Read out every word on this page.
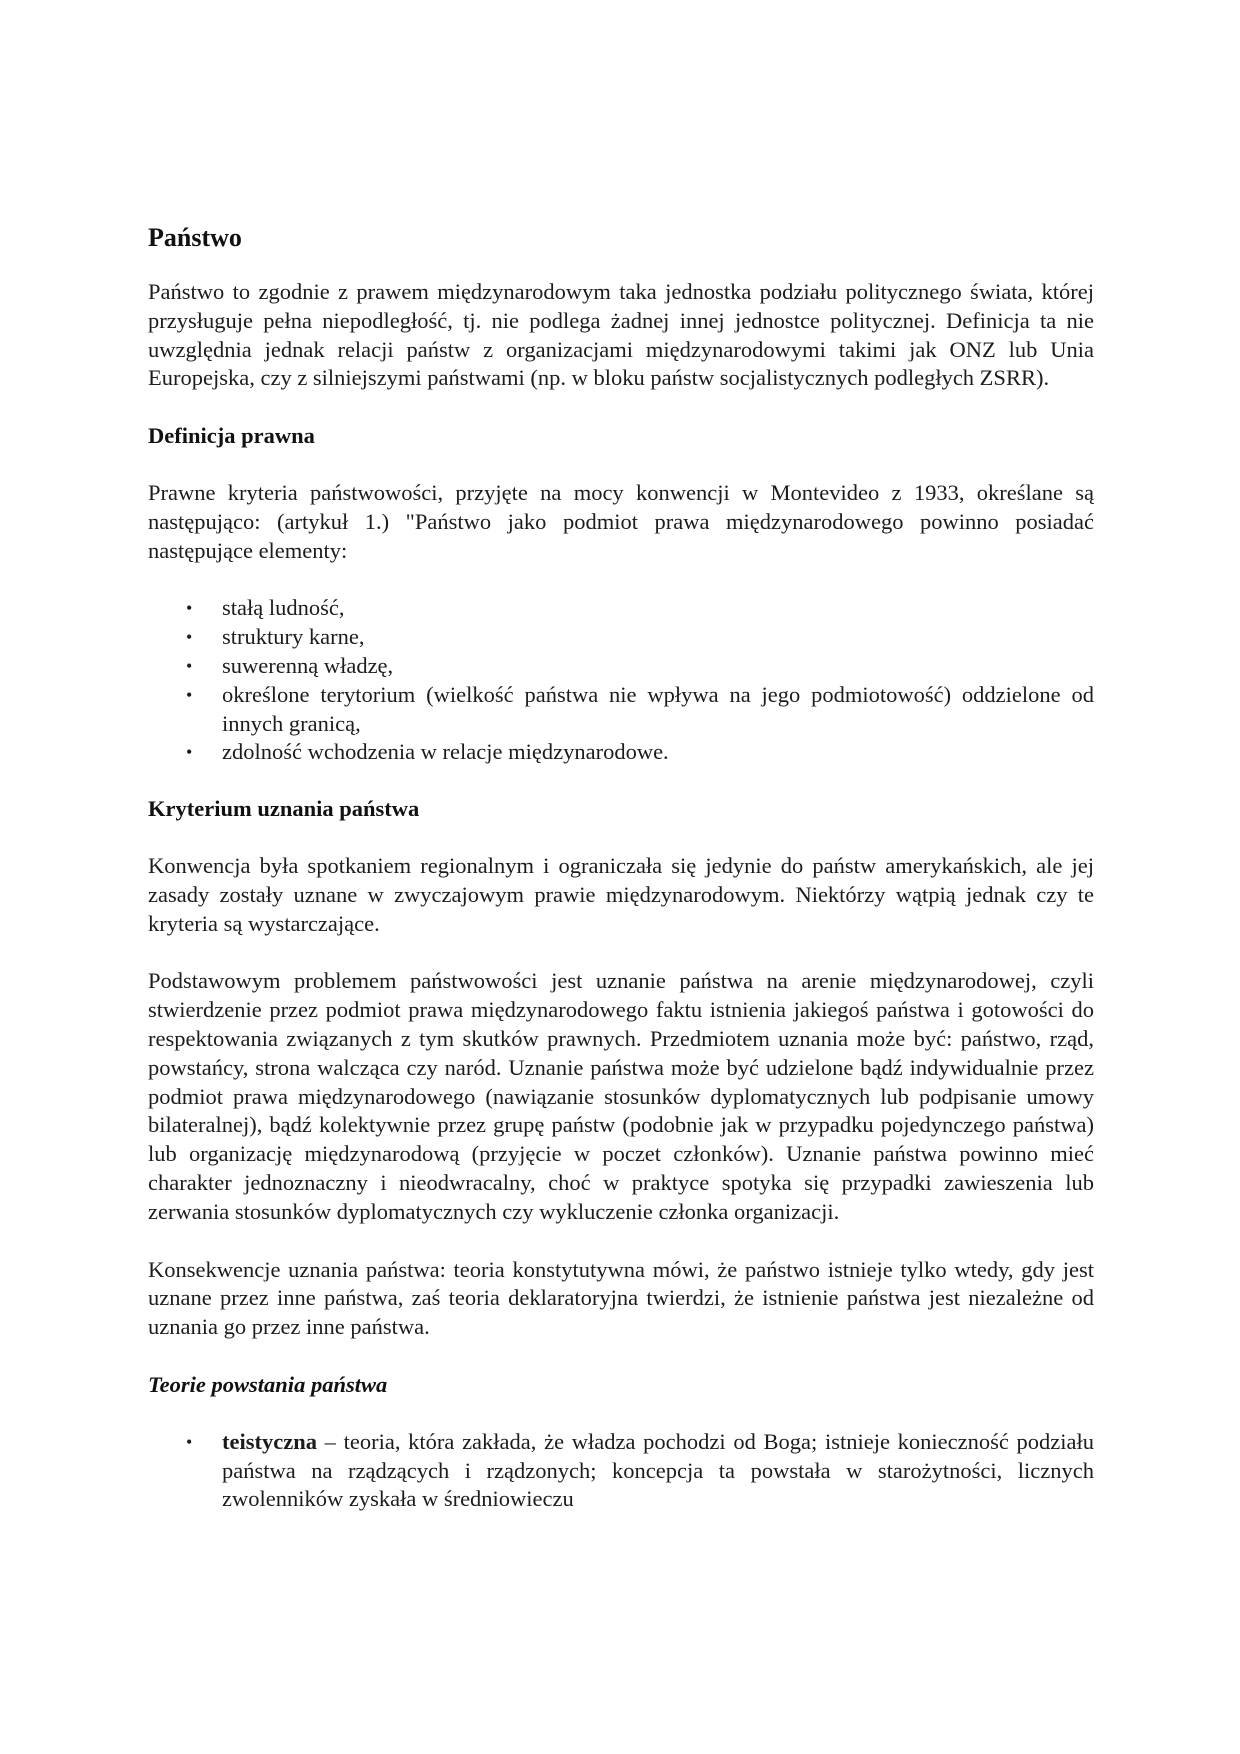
Państwo

Państwo to zgodnie z prawem międzynarodowym taka jednostka podziału politycznego świata, której przysługuje pełna niepodległość, tj. nie podlega żadnej innej jednostce politycznej. Definicja ta nie uwzględnia jednak relacji państw z organizacjami międzynarodowymi takimi jak ONZ lub Unia Europejska, czy z silniejszymi państwami (np. w bloku państw socjalistycznych podległych ZSRR).

Definicja prawna

Prawne kryteria państwowości, przyjęte na mocy konwencji w Montevideo z 1933, określane są następująco: (artykuł 1.) "Państwo jako podmiot prawa międzynarodowego powinno posiadać następujące elementy:

• stałą ludność,
• struktury karne,
• suwerenną władzę,
• określone terytorium (wielkość państwa nie wpływa na jego podmiotowość) oddzielone od innych granicą,
• zdolność wchodzenia w relacje międzynarodowe.
Kryterium uznania państwa

Konwencja była spotkaniem regionalnym i ograniczała się jedynie do państw amerykańskich, ale jej zasady zostały uznane w zwyczajowym prawie międzynarodowym. Niektórzy wątpią jednak czy te kryteria są wystarczające.

Podstawowym problemem państwowości jest uznanie państwa na arenie międzynarodowej, czyli stwierdzenie przez podmiot prawa międzynarodowego faktu istnienia jakiegoś państwa i gotowości do respektowania związanych z tym skutków prawnych. Przedmiotem uznania może być: państwo, rząd, powstańcy, strona walcząca czy naród. Uznanie państwa może być udzielone bądź indywidualnie przez podmiot prawa międzynarodowego (nawiązanie stosunków dyplomatycznych lub podpisanie umowy bilateralnej), bądź kolektywnie przez grupę państw (podobnie jak w przypadku pojedynczego państwa) lub organizację międzynarodową (przyjęcie w poczet członków). Uznanie państwa powinno mieć charakter jednoznaczny i nieodwracalny, choć w praktyce spotyka się przypadki zawieszenia lub zerwania stosunków dyplomatycznych czy wykluczenie członka organizacji.

Konsekwencje uznania państwa: teoria konstytutywna mówi, że państwo istnieje tylko wtedy, gdy jest uznane przez inne państwa, zaś teoria deklaratoryjna twierdzi, że istnienie państwa jest niezależne od uznania go przez inne państwa.

Teorie powstania państwa
• teistyczna – teoria, która zakłada, że władza pochodzi od Boga; istnieje konieczność podziału państwa na rządzących i rządzonych; koncepcja ta powstała w starożytności, licznych zwolenników zyskała w średniowieczu
